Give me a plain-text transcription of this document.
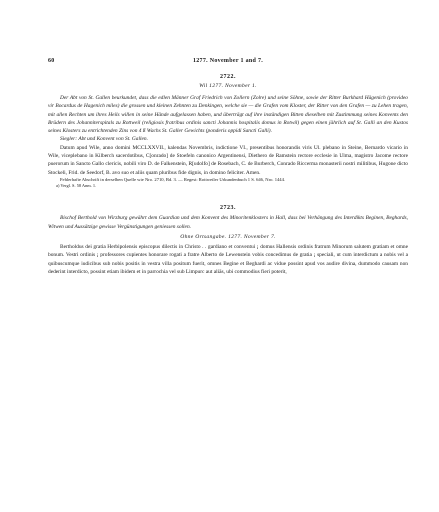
60	1277. November 1 and 7.
2722.
Wil 1277. November 1.
Der Abt von St. Gallen beurkundet, dass die edlen Männer Graf Friedrich von Zollern (Zolre) und seine Söhne, sowie der Ritter Burkhard Hägenich (provideo vir Bocardus de Hagenich miles) die grossen und kleinen Zehnten zu Denkingen, welche sie — die Grafen vom Kloster, der Ritter von den Grafen — zu Lehen tragen, mit allen Rechten um ihres Heils willen in seine Hände aufgelassen haben, und überträgt auf ihre inständigen Bitten dieselben mit Zustimmung seines Konvents den Brüdern des Johanniterspitals zu Rottweil (religiosis fratribus ordinis sancti Johannis hospitalis domus in Rotwil) gegen einen jährlich auf St. Galli an den Kustos seines Klosters zu entrichtenden Zins von 4 ß Wachs St. Galler Gewichts (ponderis oppidi Sancti Galli).
Siegler: Abt und Konvent von St. Gallen.
Datum apud Wile, anno domini MCCLXXVII., kalendas Novembris, indictione VI., presentibus honorandis viris Ul. plebano in Steine, Bernardo vicario in Wile, viceplebano in Kilberch sacerdotibus, C[onrado] de Stoefeln canonico Argentinensi, Diethero de Ramstein rectore ecclesie in Ulma, magistro Jacome rectore puerorum in Sancto Gallo clericis, nobili viro D. de Falkenstein, R[udolfo] de Rosebach, C. de Burberch, Conrado Riccerma monasterii nostri militibus, Hugone dicto Stockeli, Frid. de Seedorf, B. avo suo et aliis quam pluribus fide dignis, in domino feliciter. Amen.
Fehlerhafte Abschrift in derselben Quelle wie Nro. 2710, Bd. 3. — Regest: Rottweiler Urkundenbuch 1 S. 646, Nro. 1444.
a) Vergl. S. 58 Anm. 1.
2723.
Bischof Berthold von Wirzburg gewährt dem Guardian und dem Konvent des Minoritenklosters in Hall, dass bei Verhängung des Interdikts Beginen, Beghards, Witwen und Aussätzige gewisse Vergünstigungen geniessen sollen.
Ohne Ortsangabe. 1277. November 7.
Bertholdus dei gratia Herbipolensis episcopus dilectis in Christo . . gardiano et conventui ¡ domus Hallensis ordinis fratrum Minorum salutem gratiam et omne bonum. Vestri ordinis ¡ professores cupientes honorare rogati a fratre Alberto de Lewenstein vobis concedimus de gratia ¡ speciali, ut cum interdictum a nobis vel a quibuscumque iudicibus sub nobis positis in vestra villa positum fuerit, omnes Begine et Beghardi ac vidue possint apud vos audire divina, dummodo causam non dederint interdicto, possint etiam ibidem et in parrochia vel sub Limpurc aut aliās, ubi commodius fieri poterit,
